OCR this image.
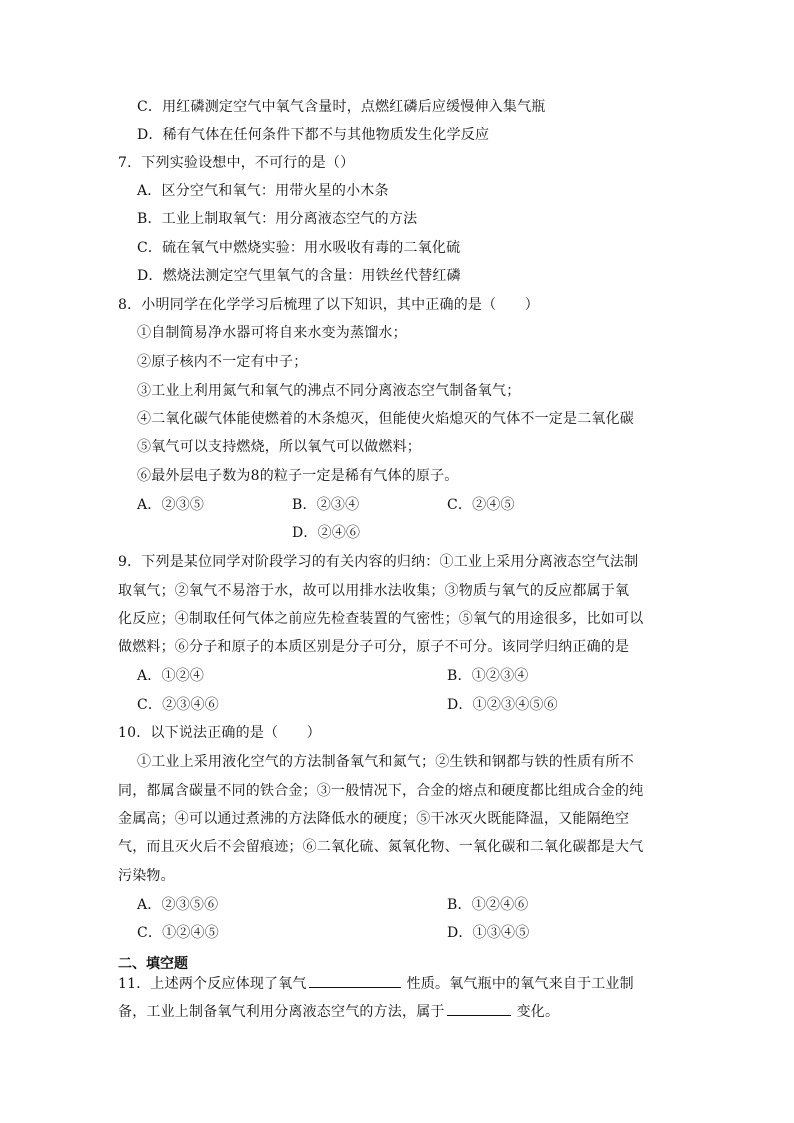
C．用红磷测定空气中氧气含量时，点燃红磷后应缓慢伸入集气瓶
D．稀有气体在任何条件下都不与其他物质发生化学反应
7．下列实验设想中，不可行的是（）
A．区分空气和氧气：用带火星的小木条
B．工业上制取氧气：用分离液态空气的方法
C．硫在氧气中燃烧实验：用水吸收有毒的二氧化硫
D．燃烧法测定空气里氧气的含量：用铁丝代替红磷
8．小明同学在化学学习后梳理了以下知识，其中正确的是（　　）
①自制简易净水器可将自来水变为蒸馏水；
②原子核内不一定有中子；
③工业上利用氮气和氧气的沸点不同分离液态空气制备氧气；
④二氧化碳气体能使燃着的木条熄灭，但能使火焰熄灭的气体不一定是二氧化碳
⑤氧气可以支持燃烧，所以氧气可以做燃料；
⑥最外层电子数为8的粒子一定是稀有气体的原子。
A．②③⑤	B．②③④	C．②④⑤
D．②④⑥
9．下列是某位同学对阶段学习的有关内容的归纳：①工业上采用分离液态空气法制
取氧气；②氧气不易溶于水，故可以用排水法收集；③物质与氧气的反应都属于氧
化反应；④制取任何气体之前应先检查装置的气密性；⑤氧气的用途很多，比如可以
做燃料；⑥分子和原子的本质区别是分子可分，原子不可分。该同学归纳正确的是
A．①②④	B．①②③④
C．②③④⑥	D．①②③④⑤⑥
10．以下说法正确的是（　　）
①工业上采用液化空气的方法制备氧气和氮气；②生铁和钢都与铁的性质有所不
同，都属含碳量不同的铁合金；③一般情况下，合金的熔点和硬度都比组成合金的纯
金属高；④可以通过煮沸的方法降低水的硬度；⑤干冰灭火既能降温，又能隔绝空
气，而且灭火后不会留痕迹；⑥二氧化硫、氮氧化物、一氧化碳和二氧化碳都是大气
污染物。
A．②③⑤⑥	B．①②④⑥
C．①②④⑤	D．①③④⑤
二、填空题
11．上述两个反应体现了氧气	性质。氧气瓶中的氧气来自于工业制
备，工业上制备氧气利用分离液态空气的方法，属于	变化。
